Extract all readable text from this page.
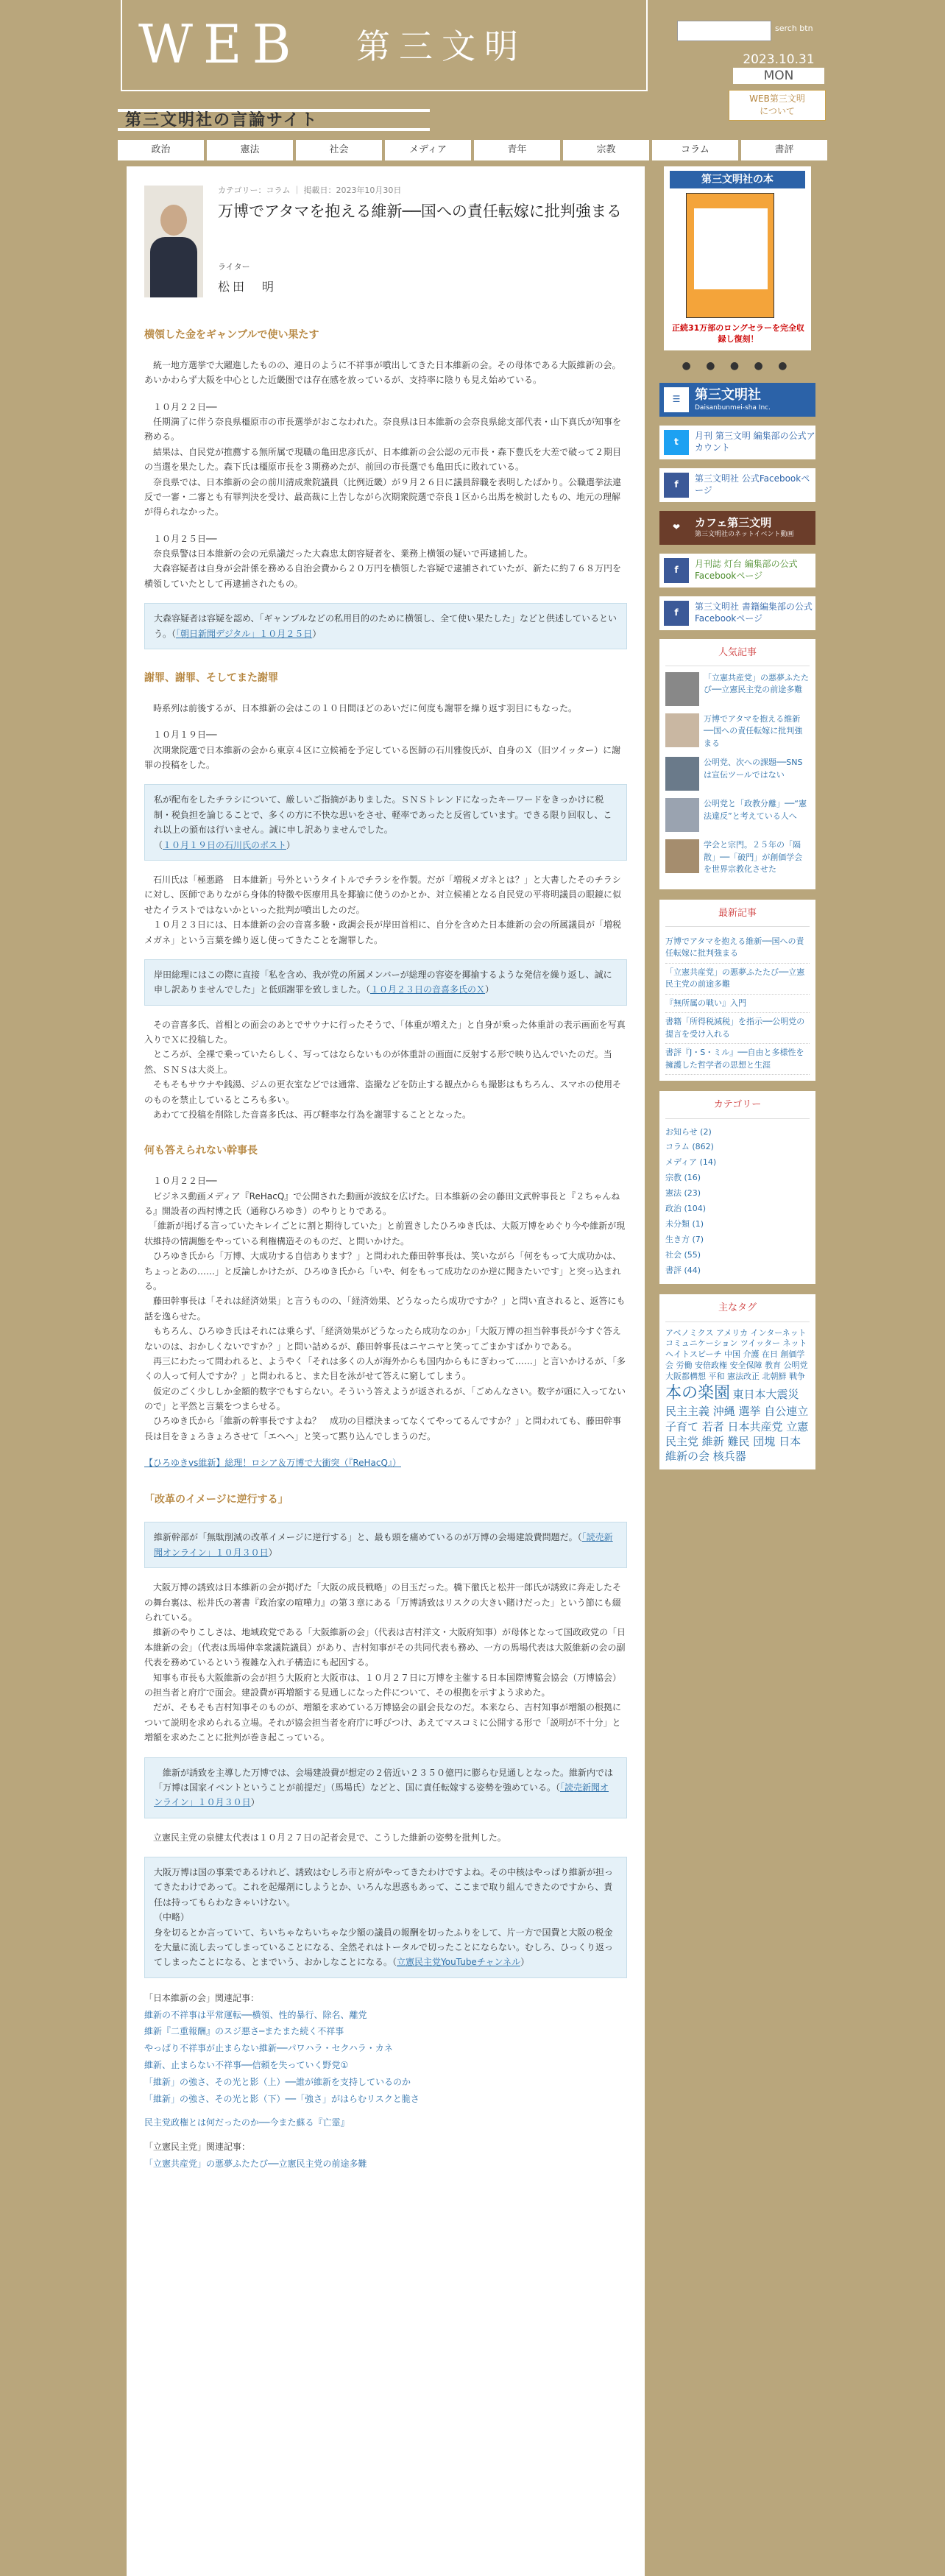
WEB 第三文明
第三文明社の言論サイト
serch btn
2023.10.31
MON
WEB第三文明
について
政治	憲法	社会	メディア	青年	宗教	コラム	書評
カテゴリー：コラム ｜ 掲載日：2023年10月30日
万博でアタマを抱える維新──国への責任転嫁に批判強まる
ライター
松田　明
横領した金をギャンブルで使い果たす
　統一地方選挙で大躍進したものの、連日のように不祥事が噴出してきた日本維新の会。その母体である大阪維新の会。あいかわらず大阪を中心とした近畿圏では存在感を放っているが、支持率に陰りも見え始めている。
　１０月２２日──
　任期満了に伴う奈良県橿原市の市長選挙がおこなわれた。奈良県は日本維新の会奈良県総支部代表・山下真氏が知事を務める。
　結果は、自民党が推薦する無所属で現職の亀田忠彦氏が、日本維新の会公認の元市長・森下豊氏を大差で破って２期目の当選を果たした。森下氏は橿原市長を３期務めたが、前回の市長選でも亀田氏に敗れている。
　奈良県では、日本維新の会の前川清成衆院議員（比例近畿）が９月２６日に議員辞職を表明したばかり。公職選挙法違反で一審・二審とも有罪判決を受け、最高裁に上告しながら次期衆院選で奈良１区から出馬を検討したもの、地元の理解が得られなかった。
　１０月２５日──
　奈良県警は日本維新の会の元県議だった大森忠太朗容疑者を、業務上横領の疑いで再逮捕した。
　大森容疑者は自身が会計係を務める自治会費から２０万円を横領した容疑で逮捕されていたが、新たに約７６８万円を横領していたとして再逮捕されたもの。
大森容疑者は容疑を認め、「ギャンブルなどの私用目的のために横領し、全て使い果たした」などと供述しているという。（「朝日新聞デジタル」１０月２５日）
謝罪、謝罪、そしてまた謝罪
　時系列は前後するが、日本維新の会はこの１０日間ほどのあいだに何度も謝罪を繰り返す羽目にもなった。
　１０月１９日──
　次期衆院選で日本維新の会から東京４区に立候補を予定している医師の石川雅俊氏が、自身のＸ（旧ツイッター）に謝罪の投稿をした。
私が配布をしたチラシについて、厳しいご指摘がありました。ＳＮＳトレンドになったキーワードをきっかけに税制・税負担を論じることで、多くの方に不快な思いをさせ、軽率であったと反省しています。できる限り回収し、これ以上の頒布は行いません。誠に申し訳ありませんでした。
（１０月１９日の石川氏のポスト）
　石川氏は「極悪路　日本維新」号外というタイトルでチラシを作製。だが「増税メガネとは？」と大書したそのチラシに対し、医師でありながら身体的特徴や医療用具を揶揄に使うのかとか、対立候補となる自民党の平将明議員の眼鏡に似せたイラストではないかといった批判が噴出したのだ。
　１０月２３日には、日本維新の会の音喜多駿・政調会長が岸田首相に、自分を含めた日本維新の会の所属議員が「増税メガネ」という言葉を繰り返し使ってきたことを謝罪した。
岸田総理にはこの際に直接「私を含め、我が党の所属メンバーが総理の容姿を揶揄するような発信を繰り返し、誠に申し訳ありませんでした」と低頭謝罪を致しました。（１０月２３日の音喜多氏のＸ）
　その音喜多氏、首相との面会のあとでサウナに行ったそうで、「体重が増えた」と自身が乗った体重計の表示画面を写真入りでＸに投稿した。
　ところが、全裸で乗っていたらしく、写ってはならないものが体重計の画面に反射する形で映り込んでいたのだ。当然、ＳＮＳは大炎上。
　そもそもサウナや銭湯、ジムの更衣室などでは通常、盗撮などを防止する観点からも撮影はもちろん、スマホの使用そのものを禁止しているところも多い。
　あわてて投稿を削除した音喜多氏は、再び軽率な行為を謝罪することとなった。
何も答えられない幹事長
　１０月２２日──
　ビジネス動画メディア『ReHacQ』で公開された動画が波紋を広げた。日本維新の会の藤田文武幹事長と『２ちゃんねる』開設者の西村博之氏（通称ひろゆき）のやりとりである。
　「維新が掲げる言っていたキレイごとに割と期待していた」と前置きしたひろゆき氏は、大阪万博をめぐり今や維新が現状維持の情調態をやっている利権構造そのものだ、と問いかけた。
　ひろゆき氏から「万博、大成功する自信あります？」と問われた藤田幹事長は、笑いながら「何をもって大成功かは、ちょっとあの……」と反論しかけたが、ひろゆき氏から「いや、何をもって成功なのか逆に聞きたいです」と突っ込まれる。
　藤田幹事長は「それは経済効果」と言うものの、「経済効果、どうなったら成功ですか？」と問い直されると、返答にも話を逸らせた。
　もちろん、ひろゆき氏はそれには乗らず、「経済効果がどうなったら成功なのか」「大阪万博の担当幹事長が今すぐ答えないのは、おかしくないですか？」と問い詰めるが、藤田幹事長はニヤニヤと笑ってごまかすばかりである。
　再三にわたって問われると、ようやく「それは多くの人が海外からも国内からもにぎわって……」と言いかけるが、「多くの人って何人ですか？」と問われると、また目を泳がせて答えに窮してしまう。
　仮定のごく少ししか金額的数字でもすらない。そういう答えようが返されるが、「ごめんなさい。数字が頭に入ってないので」と平然と言葉をつまらせる。
　ひろゆき氏から「維新の幹事長ですよね？　成功の目標決まってなくてやってるんですか？」と問われても、藤田幹事長は目をきょろきょろさせて「エヘヘ」と笑って黙り込んでしまうのだ。
【ひろゆきvs維新】総理！ロシア＆万博で大衝突（『ReHacQ』）
「改革のイメージに逆行する」
維新幹部が「無駄削減の改革イメージに逆行する」と、最も頭を痛めているのが万博の会場建設費問題だ。（「読売新聞オンライン」１０月３０日）
　大阪万博の誘致は日本維新の会が掲げた「大阪の成長戦略」の目玉だった。橋下徹氏と松井一郎氏が誘致に奔走したその舞台裏は、松井氏の著書『政治家の喧嘩力』の第３章にある「万博誘致はリスクの大きい賭けだった」という節にも綴られている。
　維新のやりこしさは、地域政党である「大阪維新の会」（代表は吉村洋文・大阪府知事）が母体となって国政政党の「日本維新の会」（代表は馬場伸幸衆議院議員）があり、吉村知事がその共同代表も務め、一方の馬場代表は大阪維新の会の副代表を務めているという複雑な入れ子構造にも起因する。
　知事も市長も大阪維新の会が担う大阪府と大阪市は、１０月２７日に万博を主催する日本国際博覧会協会（万博協会）の担当者と府庁で面会。建設費が再増額する見通しになった件について、その根拠を示すよう求めた。
　だが、そもそも吉村知事そのものが、増額を求めている万博協会の副会長なのだ。本来なら、吉村知事が増額の根拠について説明を求められる立場。それが協会担当者を府庁に呼びつけ、あえてマスコミに公開する形で「説明が不十分」と増額を求めたことに批判が巻き起こっている。
　維新が誘致を主導した万博では、会場建設費が想定の２倍近い２３５０億円に膨らむ見通しとなった。維新内では「万博は国家イベントということが前提だ」（馬場氏）などと、国に責任転嫁する姿勢を強めている。（「読売新聞オンライン」１０月３０日）
　立憲民主党の泉健太代表は１０月２７日の記者会見で、こうした維新の姿勢を批判した。
大阪万博は国の事業であるけれど、誘致はむしろ市と府がやってきたわけですよね。その中核はやっぱり維新が担ってきたわけであって。これを起爆剤にしようとか、いろんな思惑もあって、ここまで取り組んできたのですから、責任は持ってもらわなきゃいけない。
（中略）
身を切るとか言っていて、ちいちゃなちいちゃな少額の議員の報酬を切ったふりをして、片一方で国費と大阪の税金を大量に流し去ってしまっていることになる、全然それはトータルで切ったことにならない。むしろ、ひっくり返ってしまったことになる、とまでいう、おかしなことになる。（立憲民主党YouTubeチャンネル）
「日本維新の会」関連記事：
維新の不祥事は平常運転──横領、性的暴行、除名、離党
維新『二重報酬』のスジ悪さ─またまた続く不祥事
やっぱり不祥事が止まらない維新──パワハラ・セクハラ・カネ
維新、止まらない不祥事──信頼を失っていく野党①
「維新」の強さ、その光と影（上）──誰が維新を支持しているのか
「維新」の強さ、その光と影（下）──「強さ」がはらむリスクと脆さ
民主党政権とは何だったのか──今また蘇る『亡霊』
「立憲民主党」関連記事：
「立憲共産党」の悪夢ふたたび──立憲民主党の前途多難
第三文明社の本
正続31万部のロングセラーを完全収録し復刻！
● ● ● ● ●
☰	第三文明社
Daisanbunmei-sha Inc.
t
月刊 第三文明 編集部の公式アカウント
f
第三文明社 公式Facebookページ
❤	カフェ第三文明
第三文明社のネットイベント動画
f
月刊誌 灯台 編集部の公式Facebookページ
f
第三文明社 書籍編集部の公式Facebookページ
人気記事
「立憲共産党」の悪夢ふたたび──立憲民主党の前途多難
万博でアタマを抱える維新──国への責任転嫁に批判強まる
公明党、次への課題──SNSは宣伝ツールではない
公明党と「政教分離」──“憲法違反”と考えている人へ
学会と宗門。２５年の「隔散」──「破門」が創価学会を世界宗教化させた
最新記事
万博でアタマを抱える維新──国への責任転嫁に批判強まる
「立憲共産党」の悪夢ふたたび──立憲民主党の前途多難
『無所属の戦い』入門
書籍「所得税減税」を指示──公明党の提言を受け入れる
書評『J・S・ミル』──自由と多様性を擁護した哲学者の思想と生涯
カテゴリー
お知らせ (2)
コラム (862)
メディア (14)
宗教 (16)
憲法 (23)
政治 (104)
未分類 (1)
生き方 (7)
社会 (55)
書評 (44)
主なタグ
アベノミクス アメリカ インターネット コミュニケーション ツイッター ネット ヘイトスピーチ 中国 介護 在日 創価学会 労働 安倍政権 安全保障 教育 公明党 大阪都構想 平和 憲法改正 北朝鮮 戦争 本の楽園 東日本大震災 民主主義 沖縄 選挙 自公連立 子育て 若者 日本共産党 立憲民主党 維新 難民 団塊 日本維新の会 核兵器
